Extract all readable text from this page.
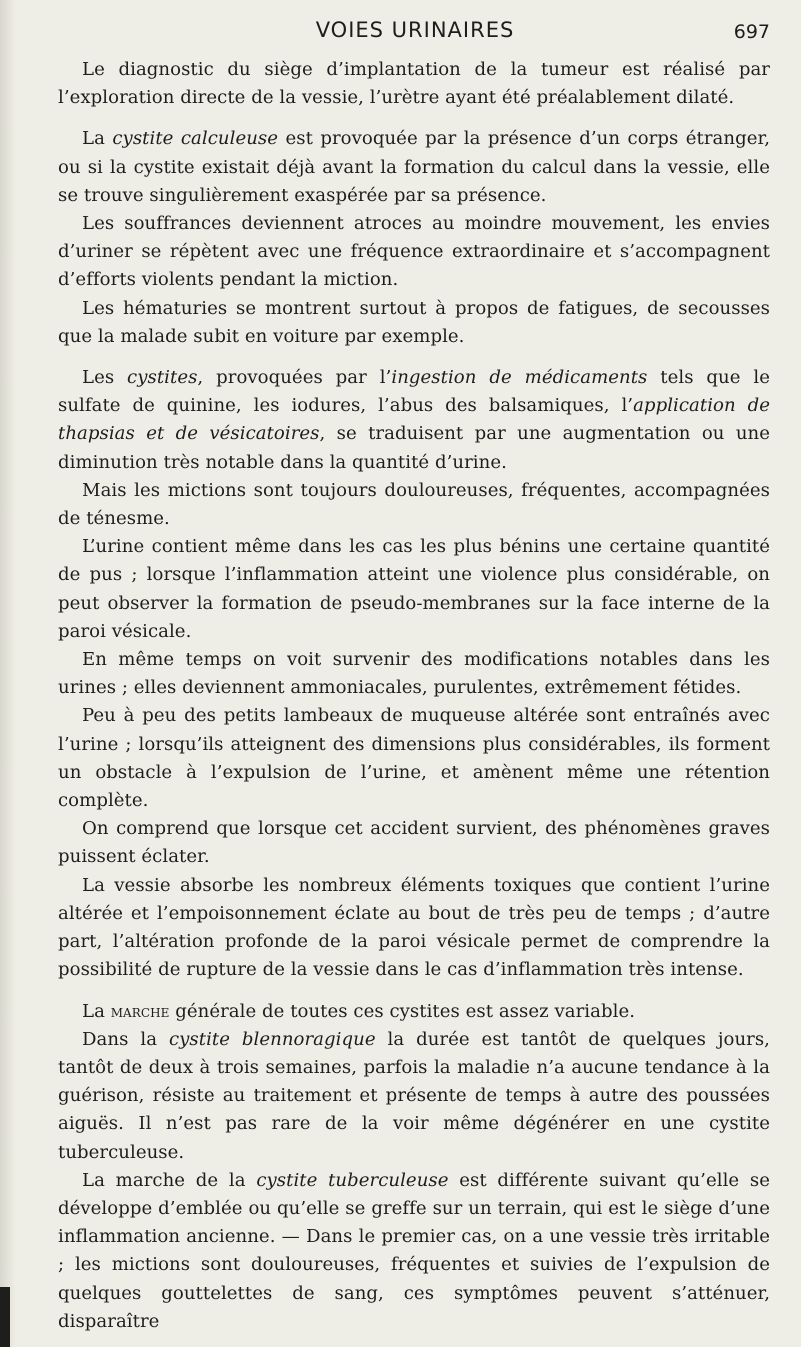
VOIES URINAIRES	697

Le diagnostic du siège d’implantation de la tumeur est réalisé par l’exploration directe de la vessie, l’urètre ayant été préalablement dilaté.

La cystite calculeuse est provoquée par la présence d’un corps étranger, ou si la cystite existait déjà avant la formation du calcul dans la vessie, elle se trouve singulièrement exaspérée par sa présence.

Les souffrances deviennent atroces au moindre mouvement, les envies d’uriner se répètent avec une fréquence extraordinaire et s’accompagnent d’efforts violents pendant la miction.

Les hématuries se montrent surtout à propos de fatigues, de secousses que la malade subit en voiture par exemple.

Les cystites, provoquées par l’ingestion de médicaments tels que le sulfate de quinine, les iodures, l’abus des balsamiques, l’application de thapsias et de vésicatoires, se traduisent par une augmentation ou une diminution très notable dans la quantité d’urine.

Mais les mictions sont toujours douloureuses, fréquentes, accompagnées de ténesme.

L’urine contient même dans les cas les plus bénins une certaine quantité de pus ; lorsque l’inflammation atteint une violence plus considérable, on peut observer la formation de pseudo-membranes sur la face interne de la paroi vésicale.

En même temps on voit survenir des modifications notables dans les urines ; elles deviennent ammoniacales, purulentes, extrêmement fétides.

Peu à peu des petits lambeaux de muqueuse altérée sont entraînés avec l’urine ; lorsqu’ils atteignent des dimensions plus considérables, ils forment un obstacle à l’expulsion de l’urine, et amènent même une rétention complète.

On comprend que lorsque cet accident survient, des phénomènes graves puissent éclater.

La vessie absorbe les nombreux éléments toxiques que contient l’urine altérée et l’empoisonnement éclate au bout de très peu de temps ; d’autre part, l’altération profonde de la paroi vésicale permet de comprendre la possibilité de rupture de la vessie dans le cas d’inflammation très intense.

La marche générale de toutes ces cystites est assez variable.

Dans la cystite blennoragique la durée est tantôt de quelques jours, tantôt de deux à trois semaines, parfois la maladie n’a aucune tendance à la guérison, résiste au traitement et présente de temps à autre des poussées aiguës. Il n’est pas rare de la voir même dégénérer en une cystite tuberculeuse.

La marche de la cystite tuberculeuse est différente suivant qu’elle se développe d’emblée ou qu’elle se greffe sur un terrain, qui est le siège d’une inflammation ancienne. — Dans le premier cas, on a une vessie très irritable ; les mictions sont douloureuses, fréquentes et suivies de l’expulsion de quelques gouttelettes de sang, ces symptômes peuvent s’atténuer, disparaître
